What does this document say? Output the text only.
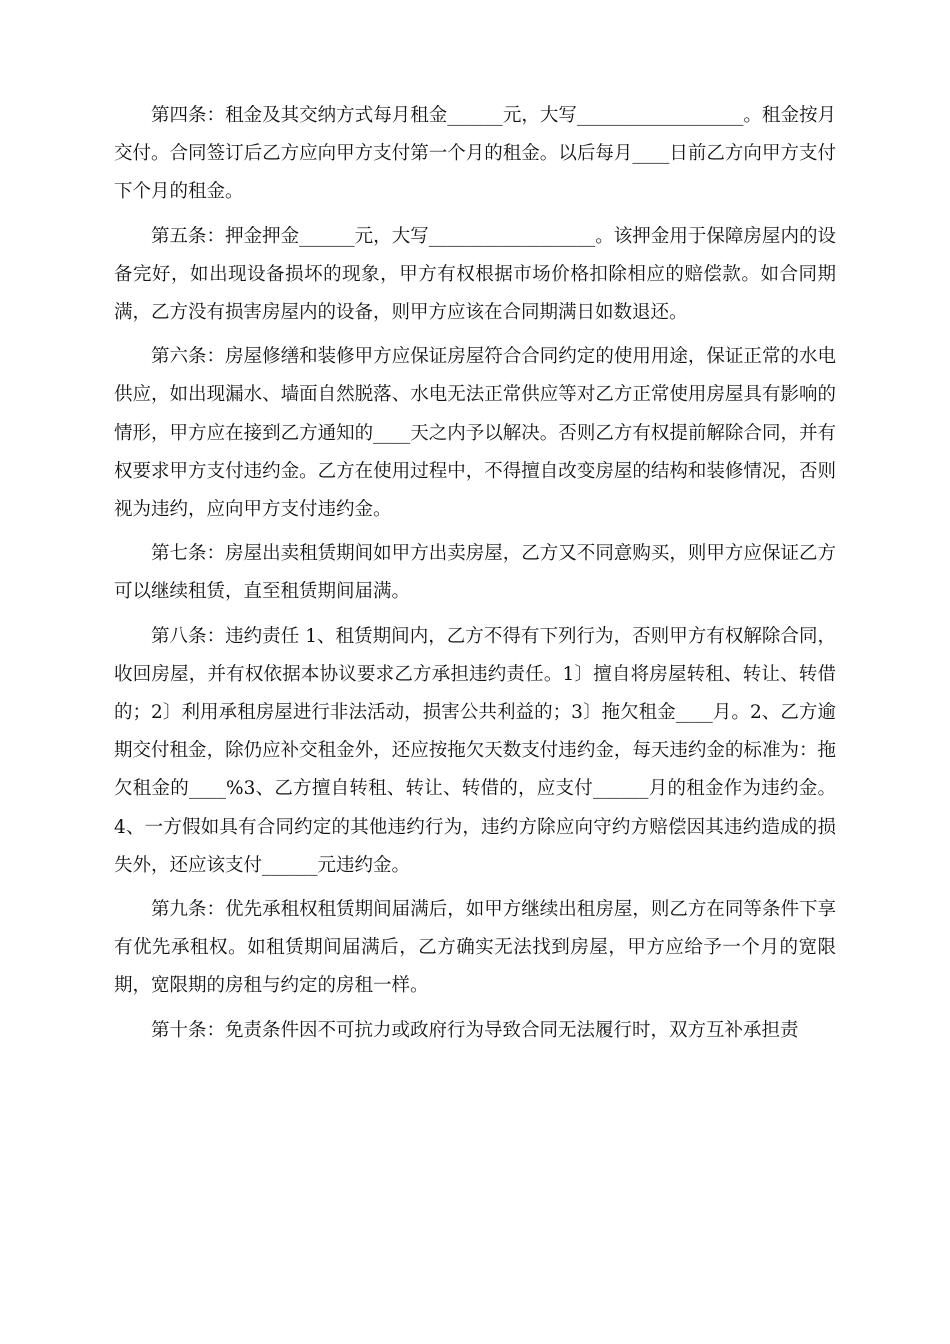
第四条：租金及其交纳方式每月租金______元，大写__________________。租金按月交付。合同签订后乙方应向甲方支付第一个月的租金。以后每月____日前乙方向甲方支付下个月的租金。

第五条：押金押金______元，大写__________________。该押金用于保障房屋内的设备完好，如出现设备损坏的现象，甲方有权根据市场价格扣除相应的赔偿款。如合同期满，乙方没有损害房屋内的设备，则甲方应该在合同期满日如数退还。

第六条：房屋修缮和装修甲方应保证房屋符合合同约定的使用用途，保证正常的水电供应，如出现漏水、墙面自然脱落、水电无法正常供应等对乙方正常使用房屋具有影响的情形，甲方应在接到乙方通知的____天之内予以解决。否则乙方有权提前解除合同，并有权要求甲方支付违约金。乙方在使用过程中，不得擅自改变房屋的结构和装修情况，否则视为违约，应向甲方支付违约金。

第七条：房屋出卖租赁期间如甲方出卖房屋，乙方又不同意购买，则甲方应保证乙方可以继续租赁，直至租赁期间届满。

第八条：违约责任 1、租赁期间内，乙方不得有下列行为，否则甲方有权解除合同，收回房屋，并有权依据本协议要求乙方承担违约责任。1〕擅自将房屋转租、转让、转借的；2〕利用承租房屋进行非法活动，损害公共利益的；3〕拖欠租金____月。2、乙方逾期交付租金，除仍应补交租金外，还应按拖欠天数支付违约金，每天违约金的标准为：拖欠租金的____%3、乙方擅自转租、转让、转借的，应支付______月的租金作为违约金。4、一方假如具有合同约定的其他违约行为，违约方除应向守约方赔偿因其违约造成的损失外，还应该支付______元违约金。

第九条：优先承租权租赁期间届满后，如甲方继续出租房屋，则乙方在同等条件下享有优先承租权。如租赁期间届满后，乙方确实无法找到房屋，甲方应给予一个月的宽限期，宽限期的房租与约定的房租一样。

第十条：免责条件因不可抗力或政府行为导致合同无法履行时，双方互补承担责
